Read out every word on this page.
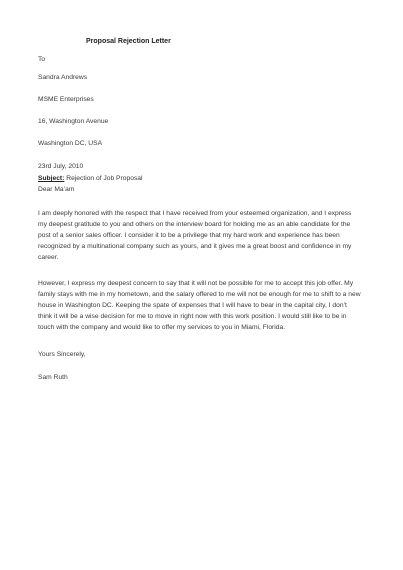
Proposal Rejection Letter
To
Sandra Andrews
MSME Enterprises
16, Washington Avenue
Washington DC, USA
23rd July, 2010
Subject: Rejection of Job Proposal
Dear Ma’am
I am deeply honored with the respect that I have received from your esteemed organization, and I express
my deepest gratitude to you and others on the interview board for holding me as an able candidate for the
post of a senior sales officer. I consider it to be a privilege that my hard work and experience has been
recognized by a multinational company such as yours, and it gives me a great boost and confidence in my
career.
However, I express my deepest concern to say that it will not be possible for me to accept this job offer. My
family stays with me in my hometown, and the salary offered to me will not be enough for me to shift to a new
house in Washington DC. Keeping the spate of expenses that I will have to bear in the capital city, I don’t
think it will be a wise decision for me to move in right now with this work position. I would still like to be in
touch with the company and would like to offer my services to you in Miami, Florida.
Yours Sincerely,
Sam Ruth
